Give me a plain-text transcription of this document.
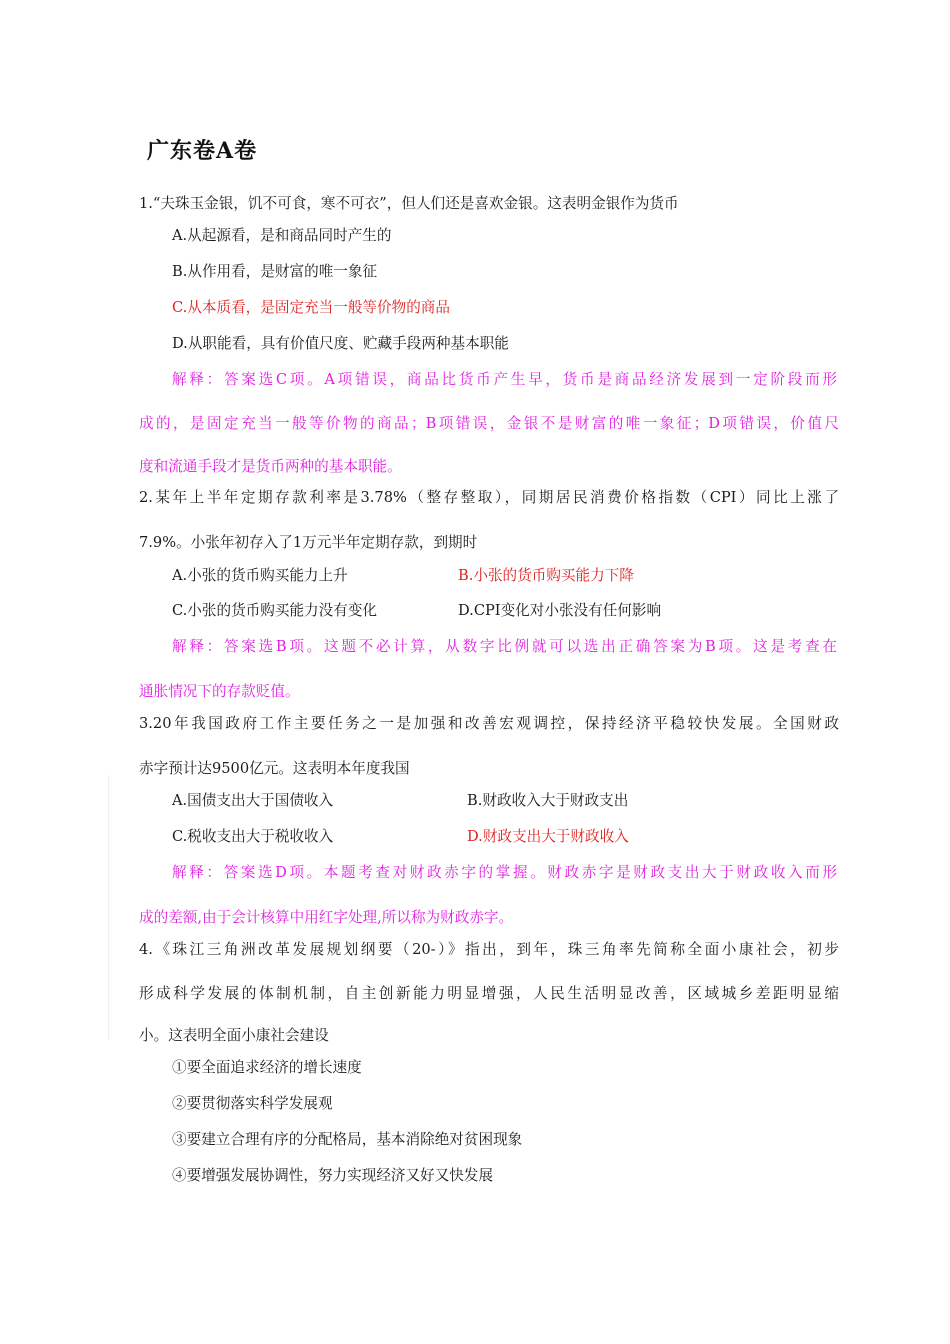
广东卷A卷
1.“夫珠玉金银，饥不可食，寒不可衣”，但人们还是喜欢金银。这表明金银作为货币
A.从起源看，是和商品同时产生的
B.从作用看，是财富的唯一象征
C.从本质看，是固定充当一般等价物的商品
D.从职能看，具有价值尺度、贮藏手段两种基本职能
解释：答案选C项。A项错误，商品比货币产生早，货币是商品经济发展到一定阶段而形
成的，是固定充当一般等价物的商品；B项错误，金银不是财富的唯一象征；D项错误，价值尺
度和流通手段才是货币两种的基本职能。
2.某年上半年定期存款利率是3.78%（整存整取），同期居民消费价格指数（CPI）同比上涨了
7.9%。小张年初存入了1万元半年定期存款，到期时
A.小张的货币购买能力上升	B.小张的货币购买能力下降
C.小张的货币购买能力没有变化	D.CPI变化对小张没有任何影响
解释：答案选B项。这题不必计算，从数字比例就可以选出正确答案为B项。这是考查在
通胀情况下的存款贬值。
3.20年我国政府工作主要任务之一是加强和改善宏观调控，保持经济平稳较快发展。全国财政
赤字预计达9500亿元。这表明本年度我国
A.国债支出大于国债收入	B.财政收入大于财政支出
C.税收支出大于税收收入	D.财政支出大于财政收入
解释：答案选D项。本题考查对财政赤字的掌握。财政赤字是财政支出大于财政收入而形
成的差额,由于会计核算中用红字处理,所以称为财政赤字。
4.《珠江三角洲改革发展规划纲要（20-）》指出，到年，珠三角率先简称全面小康社会，初步
形成科学发展的体制机制，自主创新能力明显增强，人民生活明显改善，区域城乡差距明显缩
小。这表明全面小康社会建设
①要全面追求经济的增长速度
②要贯彻落实科学发展观
③要建立合理有序的分配格局，基本消除绝对贫困现象
④要增强发展协调性，努力实现经济又好又快发展
